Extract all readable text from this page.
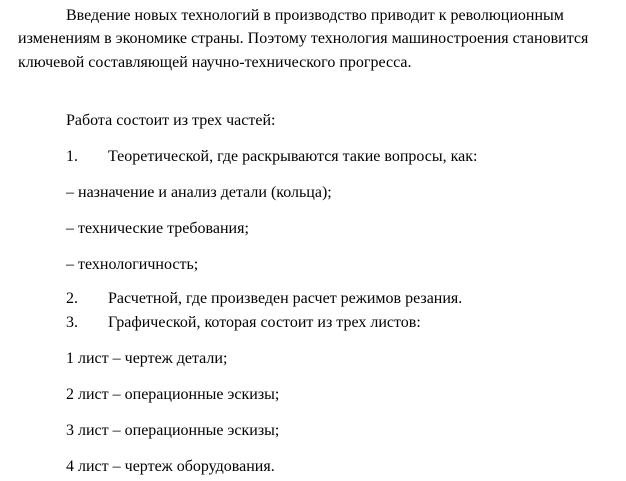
Введение новых технологий в производство приводит к революционным изменениям в экономике страны. Поэтому технология машиностроения становится ключевой составляющей научно-технического прогресса.

Работа состоит из трех частей:

1. Теоретической, где раскрываются такие вопросы, как:

– назначение и анализ детали (кольца);

– технические требования;

– технологичность;

2. Расчетной, где произведен расчет режимов резания.

3. Графической, которая состоит из трех листов:

1 лист – чертеж детали;

2 лист – операционные эскизы;

3 лист – операционные эскизы;

4 лист – чертеж оборудования.
